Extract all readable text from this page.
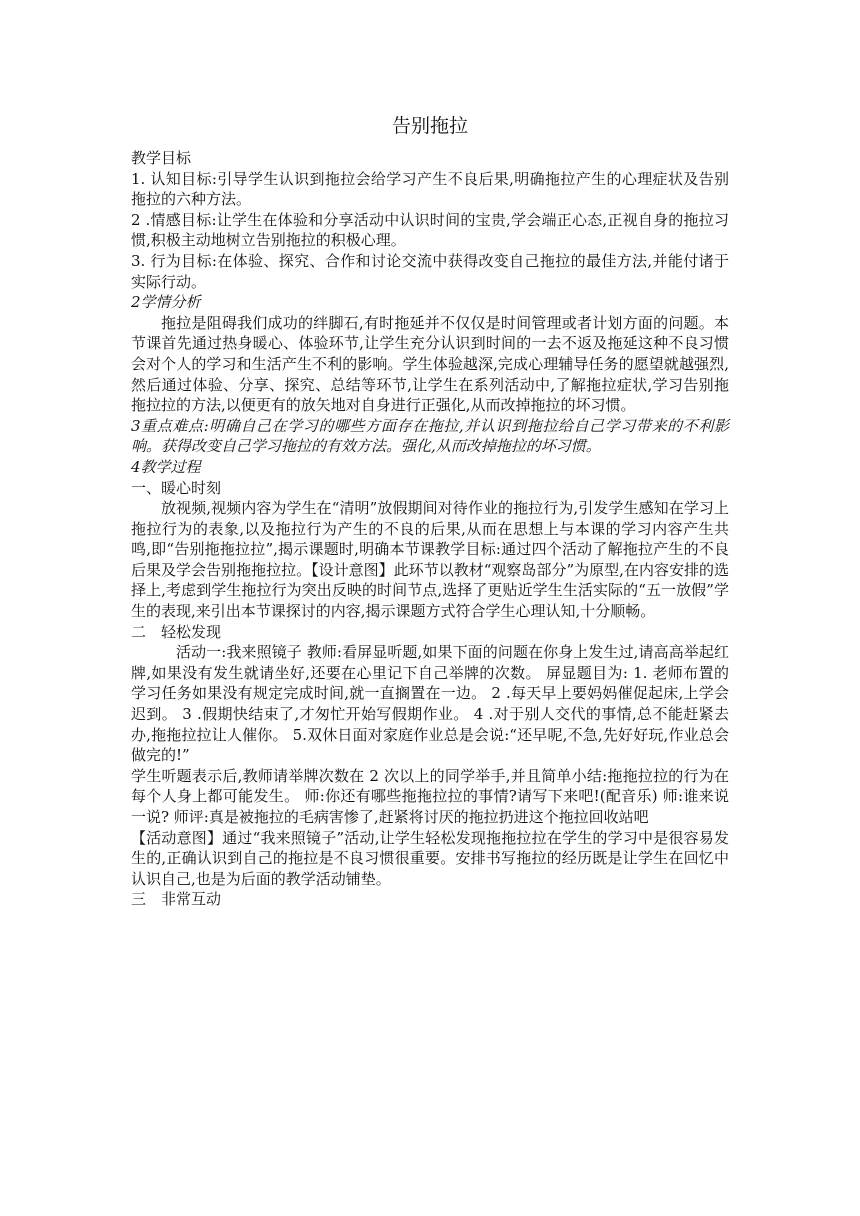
告别拖拉

教学目标

1. 认知目标:引导学生认识到拖拉会给学习产生不良后果,明确拖拉产生的心理症状及告别拖拉的六种方法。

2 .情感目标:让学生在体验和分享活动中认识时间的宝贵,学会端正心态,正视自身的拖拉习惯,积极主动地树立告别拖拉的积极心理。

3. 行为目标:在体验、探究、合作和讨论交流中获得改变自己拖拉的最佳方法,并能付诸于实际行动。

2学情分析

拖拉是阻碍我们成功的绊脚石,有时拖延并不仅仅是时间管理或者计划方面的问题。本节课首先通过热身暖心、体验环节,让学生充分认识到时间的一去不返及拖延这种不良习惯会对个人的学习和生活产生不利的影响。学生体验越深,完成心理辅导任务的愿望就越强烈,然后通过体验、分享、探究、总结等环节,让学生在系列活动中,了解拖拉症状,学习告别拖拖拉拉的方法,以便更有的放矢地对自身进行正强化,从而改掉拖拉的坏习惯。

3重点难点:明确自己在学习的哪些方面存在拖拉,并认识到拖拉给自己学习带来的不利影响。获得改变自己学习拖拉的有效方法。强化,从而改掉拖拉的坏习惯。

4教学过程

一、暖心时刻

放视频,视频内容为学生在“清明”放假期间对待作业的拖拉行为,引发学生感知在学习上拖拉行为的表象,以及拖拉行为产生的不良的后果,从而在思想上与本课的学习内容产生共鸣,即“告别拖拖拉拉”,揭示课题时,明确本节课教学目标:通过四个活动了解拖拉产生的不良后果及学会告别拖拖拉拉。【设计意图】此环节以教材“观察岛部分”为原型,在内容安排的选择上,考虑到学生拖拉行为突出反映的时间节点,选择了更贴近学生生活实际的“五一放假”学生的表现,来引出本节课探讨的内容,揭示课题方式符合学生心理认知,十分顺畅。

二　轻松发现

活动一:我来照镜子 教师:看屏显听题,如果下面的问题在你身上发生过,请高高举起红牌,如果没有发生就请坐好,还要在心里记下自己举牌的次数。 屏显题目为: 1. 老师布置的学习任务如果没有规定完成时间,就一直搁置在一边。 2 .每天早上要妈妈催促起床,上学会迟到。 3 .假期快结束了,才匆忙开始写假期作业。 4 .对于别人交代的事情,总不能赶紧去办,拖拖拉拉让人催你。 5.双休日面对家庭作业总是会说:“还早呢,不急,先好好玩,作业总会做完的!”

学生听题表示后,教师请举牌次数在 2 次以上的同学举手,并且简单小结:拖拖拉拉的行为在每个人身上都可能发生。 师:你还有哪些拖拖拉拉的事情?请写下来吧!(配音乐) 师:谁来说一说? 师评:真是被拖拉的毛病害惨了,赶紧将讨厌的拖拉扔进这个拖拉回收站吧

【活动意图】通过“我来照镜子”活动,让学生轻松发现拖拖拉拉在学生的学习中是很容易发生的,正确认识到自己的拖拉是不良习惯很重要。安排书写拖拉的经历既是让学生在回忆中认识自己,也是为后面的教学活动铺垫。

三　非常互动
